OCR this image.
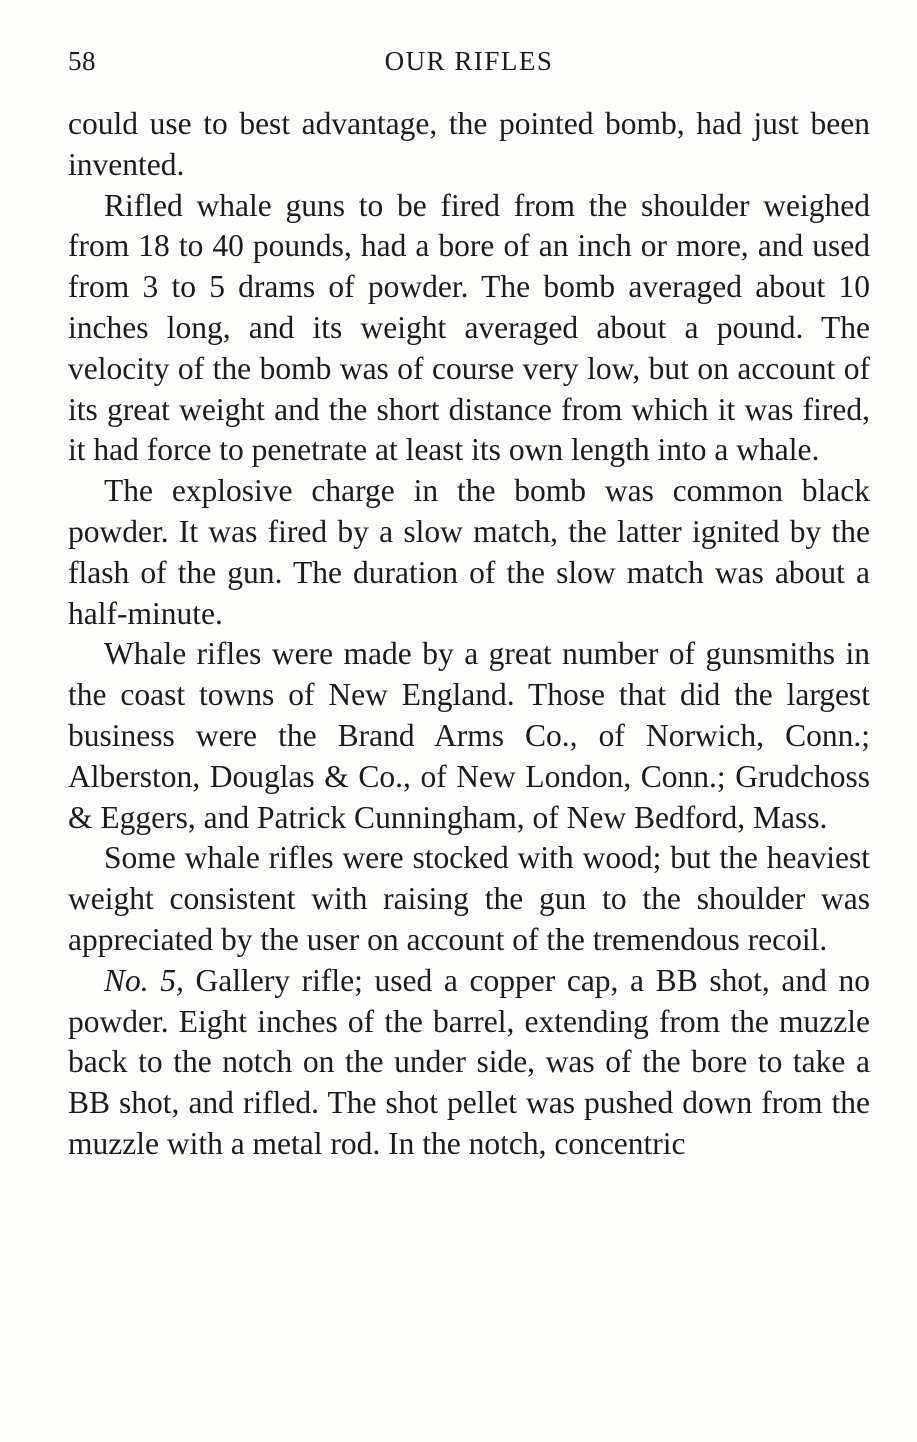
58	OUR RIFLES

could use to best advantage, the pointed bomb, had just been invented.

Rifled whale guns to be fired from the shoulder weighed from 18 to 40 pounds, had a bore of an inch or more, and used from 3 to 5 drams of powder. The bomb averaged about 10 inches long, and its weight averaged about a pound. The velocity of the bomb was of course very low, but on account of its great weight and the short distance from which it was fired, it had force to penetrate at least its own length into a whale.

The explosive charge in the bomb was common black powder. It was fired by a slow match, the latter ignited by the flash of the gun. The duration of the slow match was about a half-minute.

Whale rifles were made by a great number of gunsmiths in the coast towns of New England. Those that did the largest business were the Brand Arms Co., of Norwich, Conn.; Alberston, Douglas & Co., of New London, Conn.; Grudchoss & Eggers, and Patrick Cunningham, of New Bedford, Mass.

Some whale rifles were stocked with wood; but the heaviest weight consistent with raising the gun to the shoulder was appreciated by the user on account of the tremendous recoil.

No. 5, Gallery rifle; used a copper cap, a BB shot, and no powder. Eight inches of the barrel, extending from the muzzle back to the notch on the under side, was of the bore to take a BB shot, and rifled. The shot pellet was pushed down from the muzzle with a metal rod. In the notch, concentric
